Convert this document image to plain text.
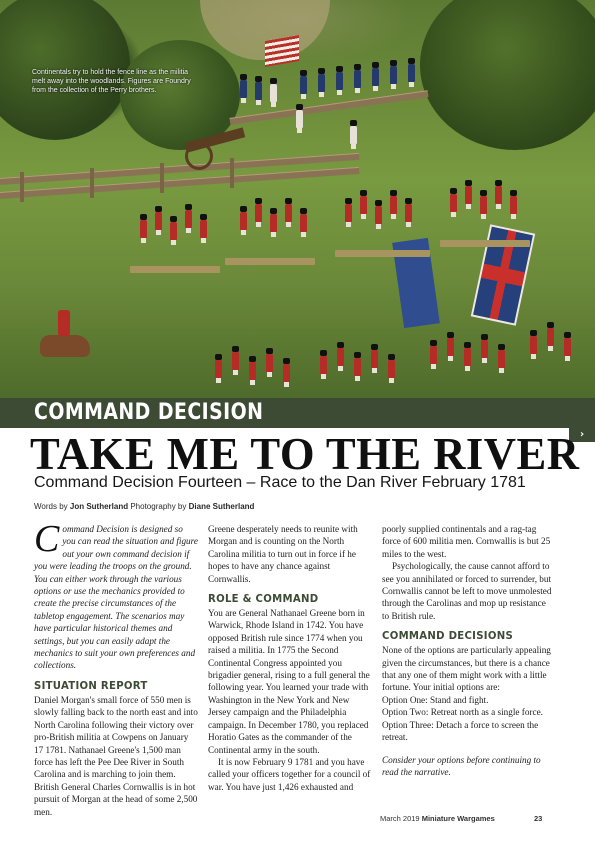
Continentals try to hold the fence line as the militia melt away into the woodlands. Figures are Foundry from the collection of the Perry brothers.
COMMAND DECISION
›
TAKE ME TO THE RIVER
Command Decision Fourteen – Race to the Dan River February 1781
Words by Jon Sutherland Photography by Diane Sutherland

Command Decision is designed so you can read the situation and figure out your own command decision if you were leading the troops on the ground. You can either work through the various options or use the mechanics provided to create the precise circumstances of the tabletop engagement. The scenarios may have particular historical themes and settings, but you can easily adapt the mechanics to suit your own preferences and collections.

SITUATION REPORT

Daniel Morgan's small force of 550 men is slowly falling back to the north east and into North Carolina following their victory over pro-British militia at Cowpens on January 17 1781. Nathanael Greene's 1,500 man force has left the Pee Dee River in South Carolina and is marching to join them. British General Charles Cornwallis is in hot pursuit of Morgan at the head of some 2,500 men.

Greene desperately needs to reunite with Morgan and is counting on the North Carolina militia to turn out in force if he hopes to have any chance against Cornwallis.

ROLE & COMMAND

You are General Nathanael Greene born in Warwick, Rhode Island in 1742. You have opposed British rule since 1774 when you raised a militia. In 1775 the Second Continental Congress appointed you brigadier general, rising to a full general the following year. You learned your trade with Washington in the New York and New Jersey campaign and the Philadelphia campaign. In December 1780, you replaced Horatio Gates as the commander of the Continental army in the south.

It is now February 9 1781 and you have called your officers together for a council of war. You have just 1,426 exhausted and

poorly supplied continentals and a rag-tag force of 600 militia men. Cornwallis is but 25 miles to the west.

Psychologically, the cause cannot afford to see you annihilated or forced to surrender, but Cornwallis cannot be left to move unmolested through the Carolinas and mop up resistance to British rule.

COMMAND DECISIONS

None of the options are particularly appealing given the circumstances, but there is a chance that any one of them might work with a little fortune. Your initial options are:

Option One: Stand and fight.

Option Two: Retreat north as a single force.

Option Three: Detach a force to screen the retreat.

Consider your options before continuing to read the narrative.

March 2019 Miniature Wargames	23
